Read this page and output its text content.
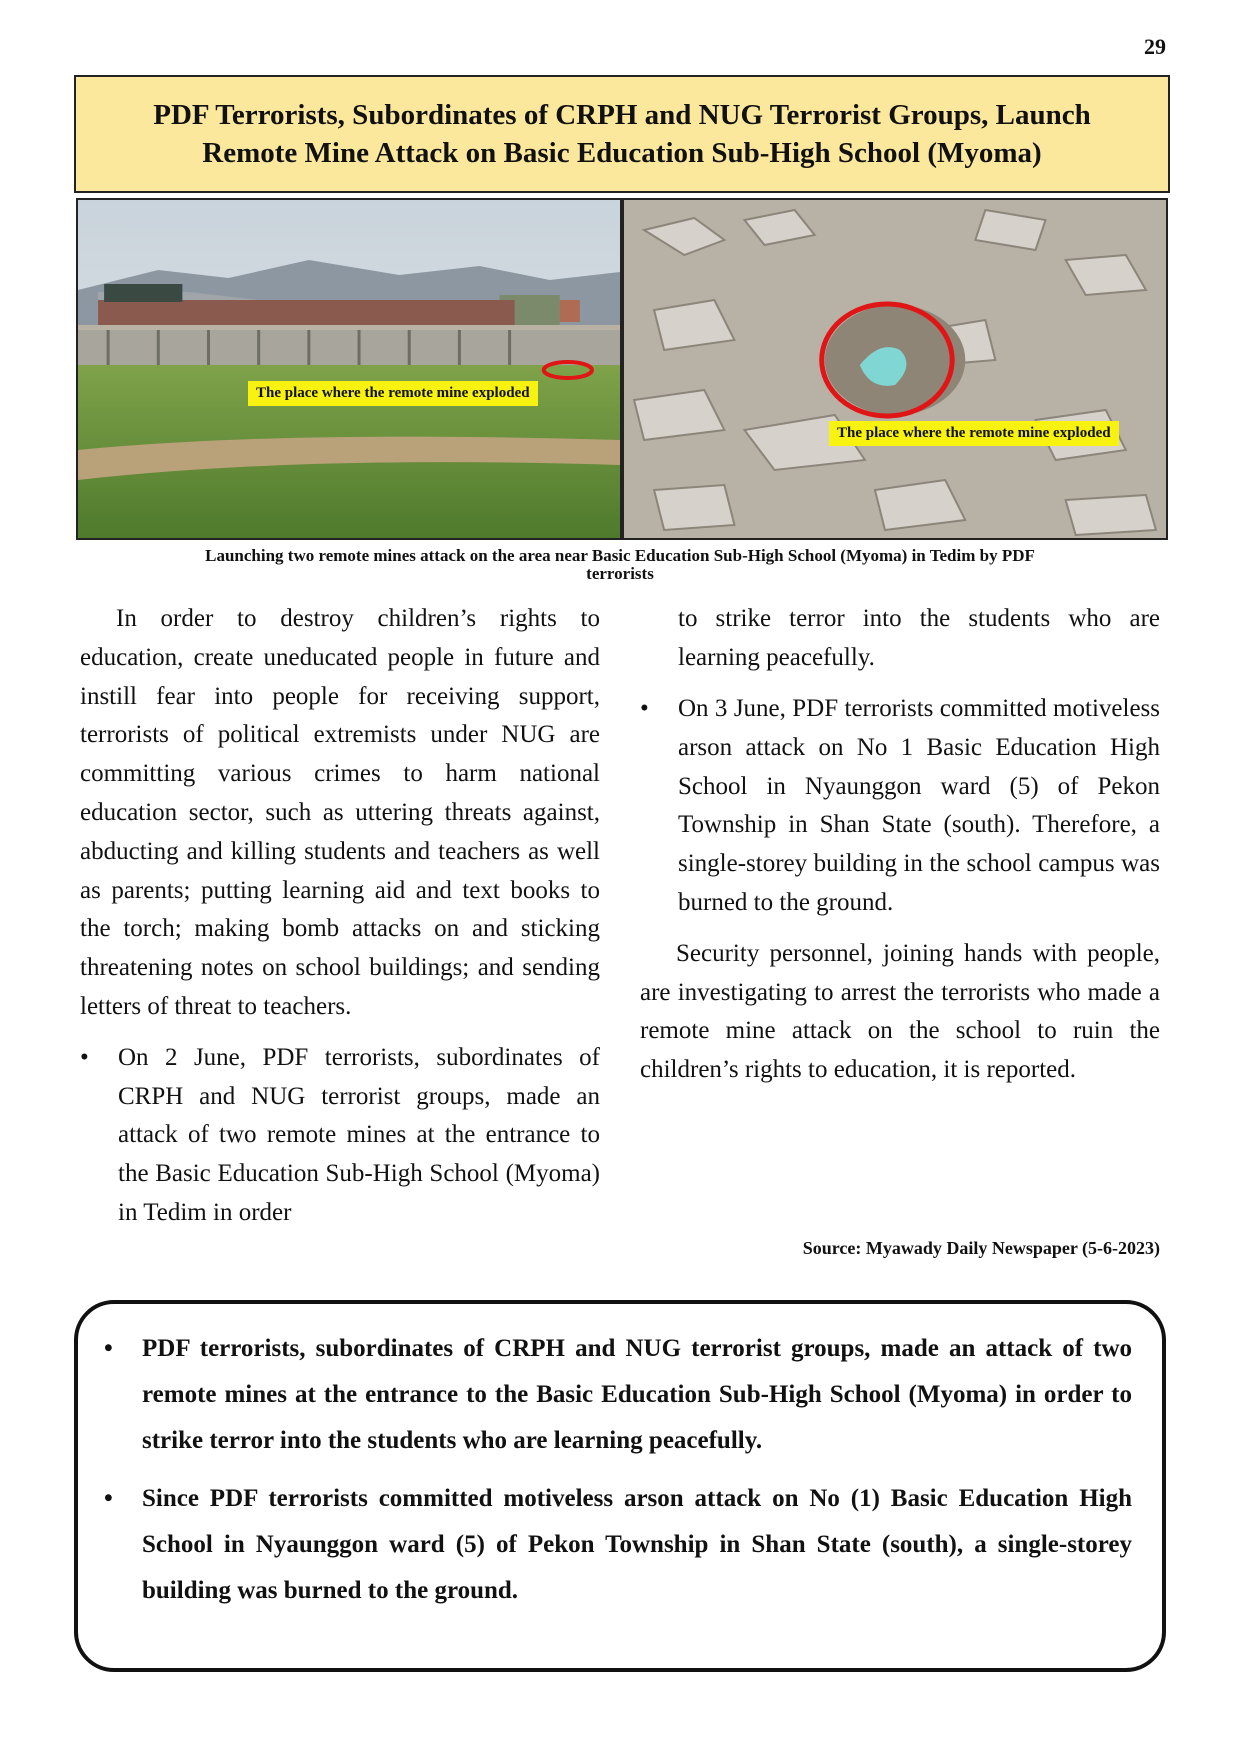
29
PDF Terrorists, Subordinates of CRPH and NUG Terrorist Groups, Launch
Remote Mine Attack on Basic Education Sub-High School (Myoma)
The place where the remote mine exploded
The place where the remote mine exploded
Launching two remote mines attack on the area near Basic Education Sub-High School (Myoma) in Tedim by PDF
terrorists

In order to destroy children’s rights to education, create uneducated people in future and instill fear into people for receiving support, terrorists of political extremists under NUG are committing various crimes to harm national education sector, such as uttering threats against, abducting and killing students and teachers as well as parents; putting learning aid and text books to the torch; making bomb attacks on and sticking threatening notes on school buildings; and sending letters of threat to teachers.

• On 2 June, PDF terrorists, subordinates of CRPH and NUG terrorist groups, made an attack of two remote mines at the entrance to the Basic Education Sub-High School (Myoma) in Tedim in order

to strike terror into the students who are learning peacefully.

• On 3 June, PDF terrorists committed motiveless arson attack on No 1 Basic Education High School in Nyaunggon ward (5) of Pekon Township in Shan State (south). Therefore, a single-storey building in the school campus was burned to the ground.

Security personnel, joining hands with people, are investigating to arrest the terrorists who made a remote mine attack on the school to ruin the children’s rights to education, it is reported.

Source: Myawady Daily Newspaper (5-6-2023)

• PDF terrorists, subordinates of CRPH and NUG terrorist groups, made an attack of two remote mines at the entrance to the Basic Education Sub-High School (Myoma) in order to strike terror into the students who are learning peacefully.

• Since PDF terrorists committed motiveless arson attack on No (1) Basic Education High School in Nyaunggon ward (5) of Pekon Township in Shan State (south), a single-storey building was burned to the ground.
